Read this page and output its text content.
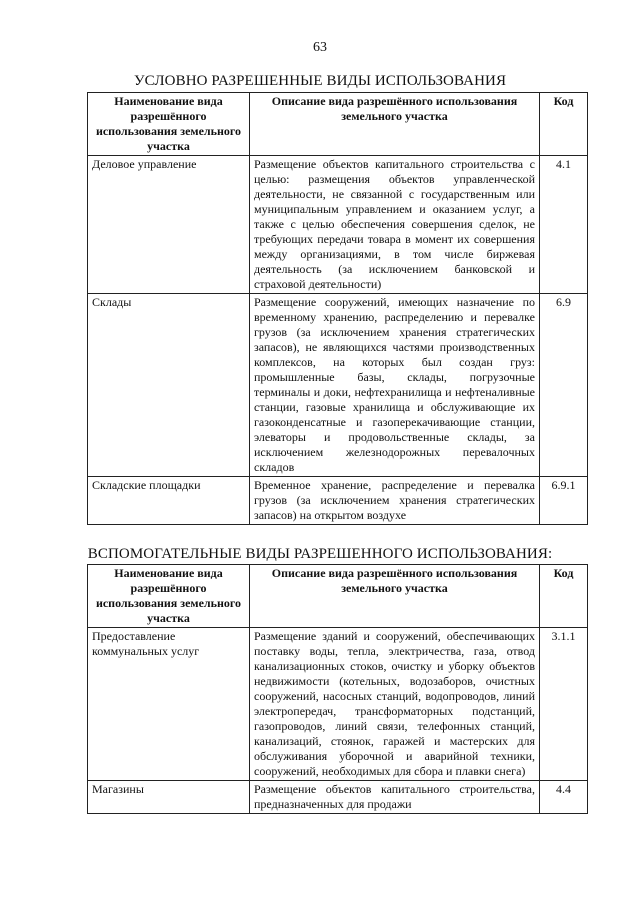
63
УСЛОВНО РАЗРЕШЕННЫЕ ВИДЫ ИСПОЛЬЗОВАНИЯ
Наименование вида разрешённого использования земельного участка	Описание вида разрешённого использования земельного участка	Код
Деловое управление	Размещение объектов капитального строительства с целью: размещения объектов управленческой деятельности, не связанной с государственным или муниципальным управлением и оказанием услуг, а также с целью обеспечения совершения сделок, не требующих передачи товара в момент их совершения между организациями, в том числе биржевая деятельность (за исключением банковской и страховой деятельности)	4.1
Склады	Размещение сооружений, имеющих назначение по временному хранению, распределению и перевалке грузов (за исключением хранения стратегических запасов), не являющихся частями производственных комплексов, на которых был создан груз: промышленные базы, склады, погрузочные терминалы и доки, нефтехранилища и нефтеналивные станции, газовые хранилища и обслуживающие их газоконденсатные и газоперекачивающие станции, элеваторы и продовольственные склады, за исключением железнодорожных перевалочных складов	6.9
Складские площадки	Временное хранение, распределение и перевалка грузов (за исключением хранения стратегических запасов) на открытом воздухе	6.9.1
ВСПОМОГАТЕЛЬНЫЕ ВИДЫ РАЗРЕШЕННОГО ИСПОЛЬЗОВАНИЯ:
Наименование вида разрешённого использования земельного участка	Описание вида разрешённого использования земельного участка	Код
Предоставление коммунальных услуг	Размещение зданий и сооружений, обеспечивающих поставку воды, тепла, электричества, газа, отвод канализационных стоков, очистку и уборку объектов недвижимости (котельных, водозаборов, очистных сооружений, насосных станций, водопроводов, линий электропередач, трансформаторных подстанций, газопроводов, линий связи, телефонных станций, канализаций, стоянок, гаражей и мастерских для обслуживания уборочной и аварийной техники, сооружений, необходимых для сбора и плавки снега)	3.1.1
Магазины	Размещение объектов капитального строительства, предназначенных для продажи	4.4
